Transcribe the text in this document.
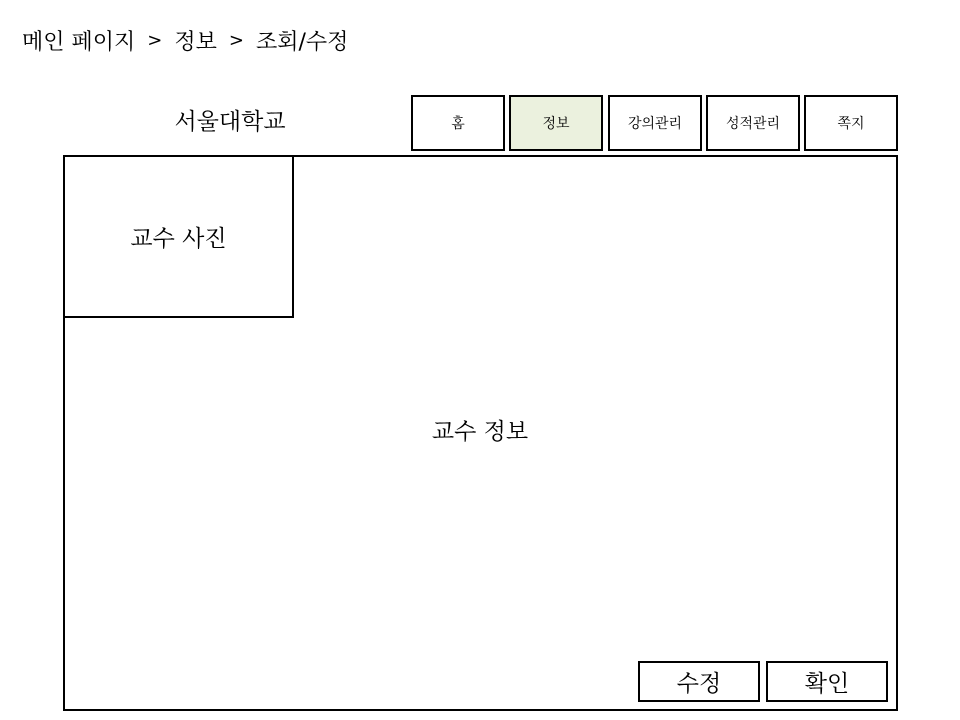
메인 페이지 > 정보 > 조회/수정
서울대학교	홈	정보	강의관리	성적관리	쪽지
교수 사진
교수 정보
수정	확인
